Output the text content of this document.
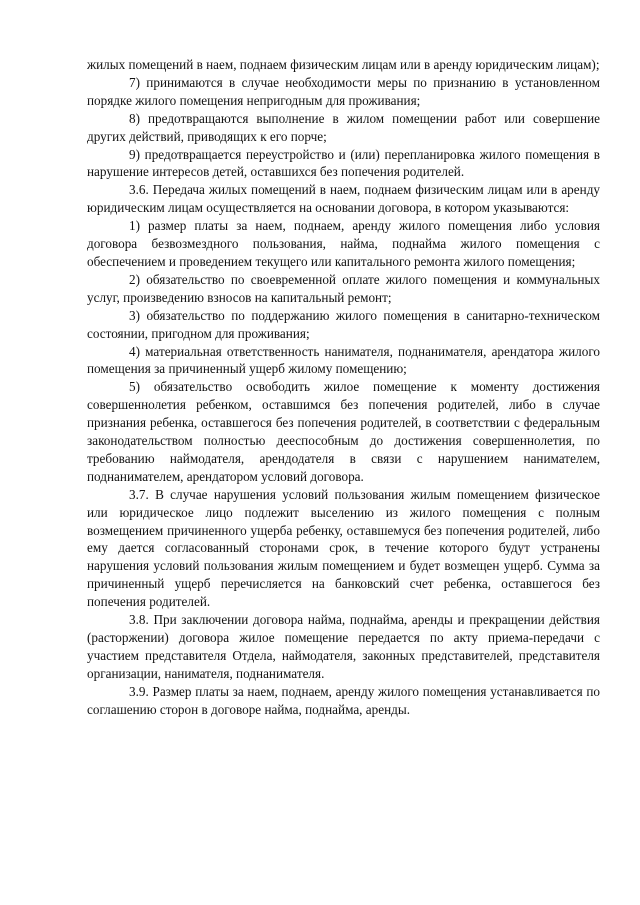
жилых помещений в наем, поднаем физическим лицам или в аренду юридическим лицам);

7) принимаются в случае необходимости меры по признанию в установленном порядке жилого помещения непригодным для проживания;

8) предотвращаются выполнение в жилом помещении работ или совершение других действий, приводящих к его порче;

9) предотвращается переустройство и (или) перепланировка жилого помещения в нарушение интересов детей, оставшихся без попечения родителей.

3.6. Передача жилых помещений в наем, поднаем физическим лицам или в аренду юридическим лицам осуществляется на основании договора, в котором указываются:

1) размер платы за наем, поднаем, аренду жилого помещения либо условия договора безвозмездного пользования, найма, поднайма жилого помещения с обеспечением и проведением текущего или капитального ремонта жилого помещения;

2) обязательство по своевременной оплате жилого помещения и коммунальных услуг, произведению взносов на капитальный ремонт;

3) обязательство по поддержанию жилого помещения в санитарно-техническом состоянии, пригодном для проживания;

4) материальная ответственность нанимателя, поднанимателя, арендатора жилого помещения за причиненный ущерб жилому помещению;

5) обязательство освободить жилое помещение к моменту достижения совершеннолетия ребенком, оставшимся без попечения родителей, либо в случае признания ребенка, оставшегося без попечения родителей, в соответствии с федеральным законодательством полностью дееспособным до достижения совершеннолетия, по требованию наймодателя, арендодателя в связи с нарушением нанимателем, поднанимателем, арендатором условий договора.

3.7. В случае нарушения условий пользования жилым помещением физическое или юридическое лицо подлежит выселению из жилого помещения с полным возмещением причиненного ущерба ребенку, оставшемуся без попечения родителей, либо ему дается согласованный сторонами срок, в течение которого будут устранены нарушения условий пользования жилым помещением и будет возмещен ущерб. Сумма за причиненный ущерб перечисляется на банковский счет ребенка, оставшегося без попечения родителей.

3.8. При заключении договора найма, поднайма, аренды и прекращении действия (расторжении) договора жилое помещение передается по акту приема-передачи с участием представителя Отдела, наймодателя, законных представителей, представителя организации, нанимателя, поднанимателя.

3.9. Размер платы за наем, поднаем, аренду жилого помещения устанавливается по соглашению сторон в договоре найма, поднайма, аренды.
